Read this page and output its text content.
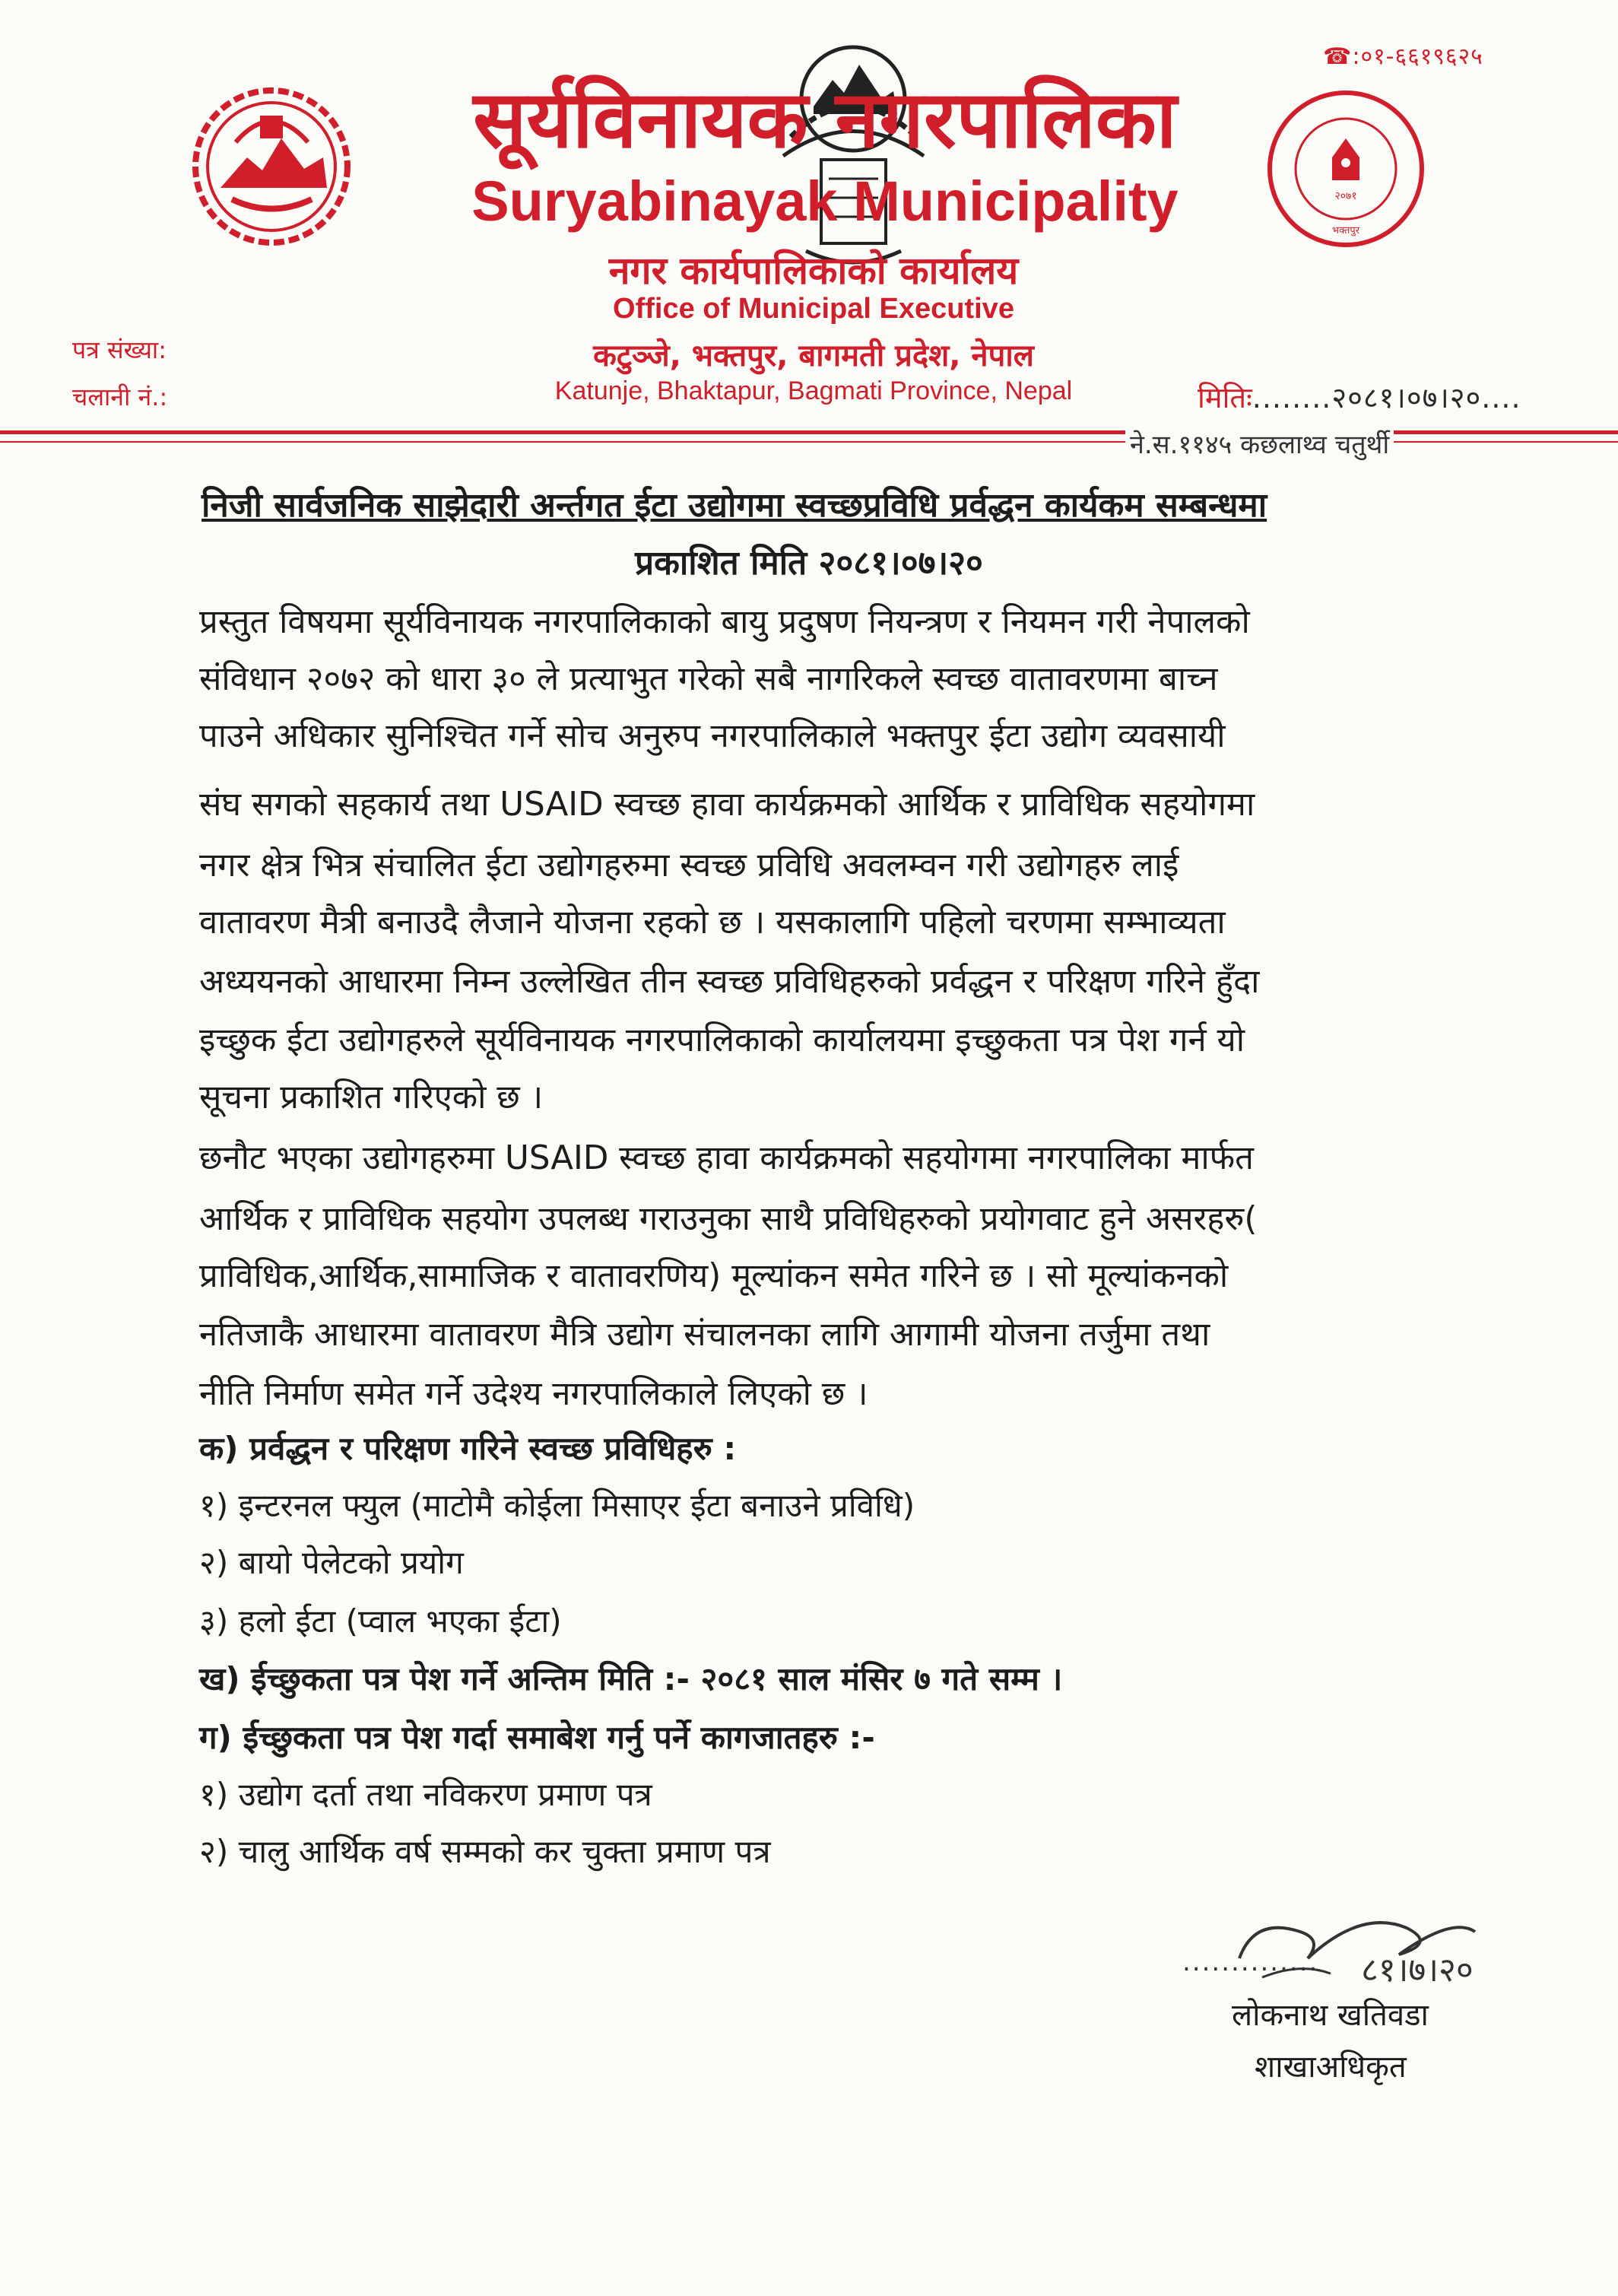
☎:०१-६६१९६२५
सूर्यविनायक नगरपालिका
Suryabinayak Municipality
नगर कार्यपालिकाको कार्यालय
Office of Municipal Executive
कटुञ्जे, भक्तपुर, बागमती प्रदेश, नेपाल
Katunje, Bhaktapur, Bagmati Province, Nepal
२०७१
भक्तपुर
पत्र संख्या:
चलानी नं.:	मितिः........२०८१।०७।२०....
ने.स.११४५ कछलाथ्व चतुर्थी
निजी सार्वजनिक साझेदारी अर्न्तगत ईटा उद्योगमा स्वच्छप्रविधि प्रर्वद्धन कार्यकम सम्बन्धमा
प्रकाशित मिति २०८१।०७।२०
प्रस्तुत विषयमा सूर्यविनायक नगरपालिकाको बायु प्रदुषण नियन्त्रण र नियमन गरी नेपालको
संविधान २०७२ को धारा ३० ले प्रत्याभुत गरेको सबै नागरिकले स्वच्छ वातावरणमा बाच्न
पाउने अधिकार सुनिश्चित गर्ने सोच अनुरुप नगरपालिकाले भक्तपुर ईटा उद्योग व्यवसायी
संघ सगको सहकार्य तथा USAID स्वच्छ हावा कार्यक्रमको आर्थिक र प्राविधिक सहयोगमा
नगर क्षेत्र भित्र संचालित ईटा उद्योगहरुमा स्वच्छ प्रविधि अवलम्वन गरी उद्योगहरु लाई
वातावरण मैत्री बनाउदै लैजाने योजना रहको छ । यसकालागि पहिलो चरणमा सम्भाव्यता
अध्ययनको आधारमा निम्न उल्लेखित तीन स्वच्छ प्रविधिहरुको प्रर्वद्धन र परिक्षण गरिने हुँदा
इच्छुक ईटा उद्योगहरुले सूर्यविनायक नगरपालिकाको कार्यालयमा इच्छुकता पत्र पेश गर्न यो
सूचना प्रकाशित गरिएको छ ।
छनौट भएका उद्योगहरुमा USAID स्वच्छ हावा कार्यक्रमको सहयोगमा नगरपालिका मार्फत
आर्थिक र प्राविधिक सहयोग उपलब्ध गराउनुका साथै प्रविधिहरुको प्रयोगवाट हुने असरहरु(
प्राविधिक,आर्थिक,सामाजिक र वातावरणिय) मूल्यांकन समेत गरिने छ । सो मूल्यांकनको
नतिजाकै आधारमा वातावरण मैत्रि उद्योग संचालनका लागि आगामी योजना तर्जुमा तथा
नीति निर्माण समेत गर्ने उदेश्य नगरपालिकाले लिएको छ ।
क) प्रर्वद्धन र परिक्षण गरिने स्वच्छ प्रविधिहरु :
१) इन्टरनल फ्युल (माटोमै कोईला मिसाएर ईटा बनाउने प्रविधि)
२) बायो पेलेटको प्रयोग
३) हलो ईटा (प्वाल भएका ईटा)
ख) ईच्छुकता पत्र पेश गर्ने अन्तिम मिति :- २०८१ साल मंसिर ७ गते सम्म ।
ग) ईच्छुकता पत्र पेश गर्दा समाबेश गर्नु पर्ने कागजातहरु :-
१) उद्योग दर्ता तथा नविकरण प्रमाण पत्र
२) चालु आर्थिक वर्ष सम्मको कर चुक्ता प्रमाण पत्र
८१।७।२०
..............
लोकनाथ खतिवडा
शाखाअधिकृत
